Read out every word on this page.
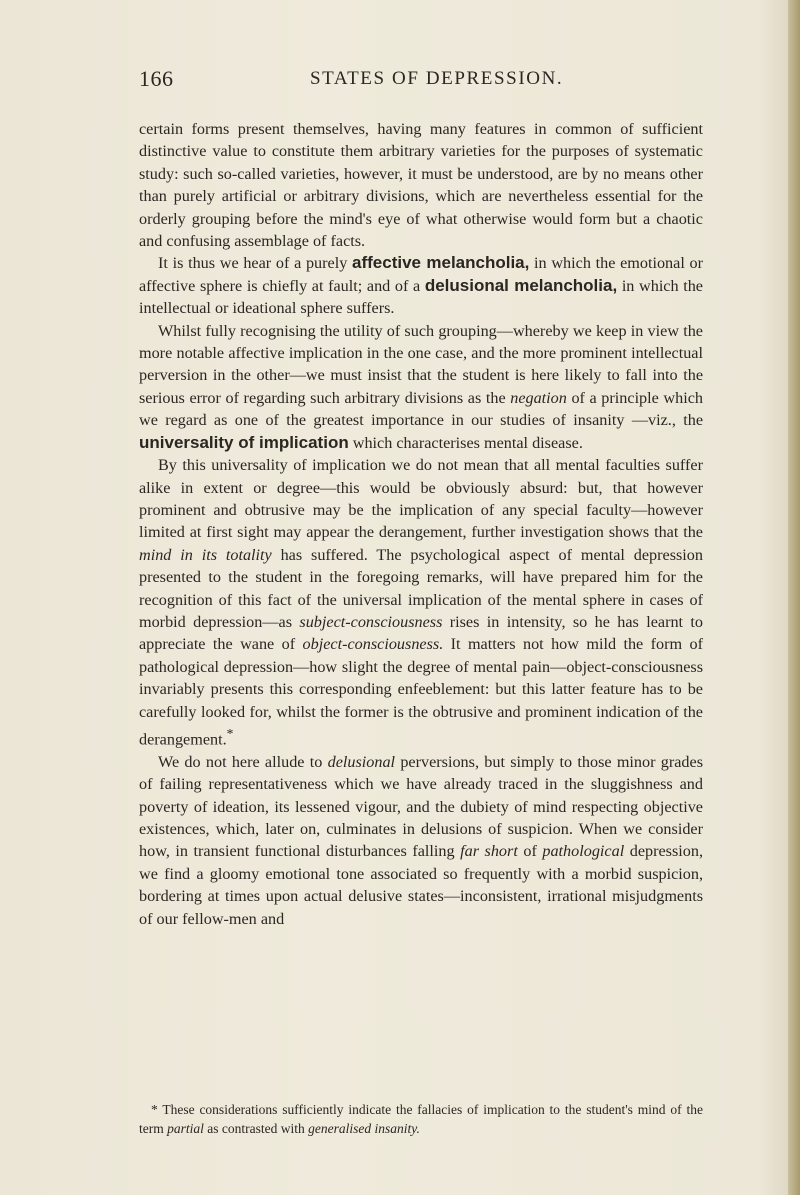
166	STATES OF DEPRESSION.

certain forms present themselves, having many features in common of sufficient distinctive value to constitute them arbitrary varieties for the purposes of systematic study: such so-called varieties, however, it must be understood, are by no means other than purely artificial or arbitrary divisions, which are nevertheless essential for the orderly grouping before the mind's eye of what otherwise would form but a chaotic and confusing assemblage of facts.

It is thus we hear of a purely affective melancholia, in which the emotional or affective sphere is chiefly at fault; and of a delusional melancholia, in which the intellectual or ideational sphere suffers.

Whilst fully recognising the utility of such grouping—whereby we keep in view the more notable affective implication in the one case, and the more prominent intellectual perversion in the other—we must insist that the student is here likely to fall into the serious error of regarding such arbitrary divisions as the negation of a principle which we regard as one of the greatest importance in our studies of insanity —viz., the universality of implication which characterises mental disease.

By this universality of implication we do not mean that all mental faculties suffer alike in extent or degree—this would be obviously absurd: but, that however prominent and obtrusive may be the implication of any special faculty—however limited at first sight may appear the derangement, further investigation shows that the mind in its totality has suffered. The psychological aspect of mental depression presented to the student in the foregoing remarks, will have prepared him for the recognition of this fact of the universal implication of the mental sphere in cases of morbid depression—as subject-consciousness rises in intensity, so he has learnt to appreciate the wane of object-consciousness. It matters not how mild the form of pathological depression—how slight the degree of mental pain—object-consciousness invariably presents this corresponding enfeeblement: but this latter feature has to be carefully looked for, whilst the former is the obtrusive and prominent indication of the derangement.*

We do not here allude to delusional perversions, but simply to those minor grades of failing representativeness which we have already traced in the sluggishness and poverty of ideation, its lessened vigour, and the dubiety of mind respecting objective existences, which, later on, culminates in delusions of suspicion. When we consider how, in transient functional disturbances falling far short of pathological depression, we find a gloomy emotional tone associated so frequently with a morbid suspicion, bordering at times upon actual delusive states—inconsistent, irrational misjudgments of our fellow-men and

* These considerations sufficiently indicate the fallacies of implication to the student's mind of the term partial as contrasted with generalised insanity.
